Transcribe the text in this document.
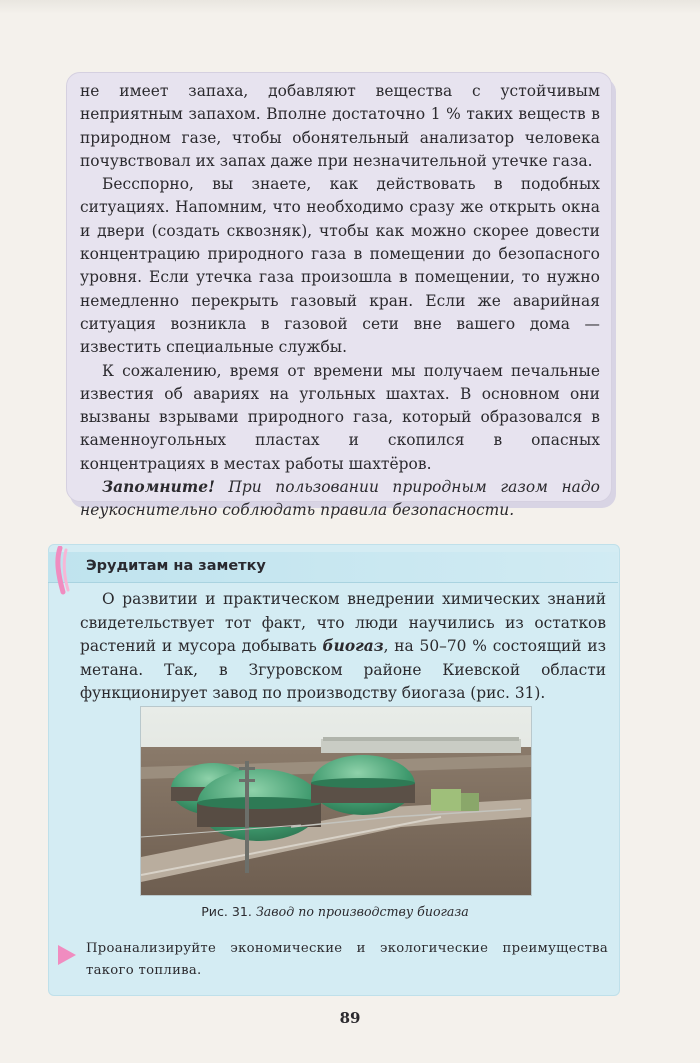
не имеет запаха, добавляют вещества с устойчивым неприятным запахом. Вполне достаточно 1 % таких веществ в природном газе, чтобы обонятельный анализатор человека почувствовал их запах даже при незначительной утечке газа.

Бесспорно, вы знаете, как действовать в подобных ситуациях. Напомним, что необходимо сразу же открыть окна и двери (создать сквозняк), чтобы как можно скорее довести концентрацию природного газа в помещении до безопасного уровня. Если утечка газа произошла в помещении, то нужно немедленно перекрыть газовый кран. Если же аварийная ситуация возникла в газовой сети вне вашего дома — известить специальные службы.

К сожалению, время от времени мы получаем печальные известия об авариях на угольных шахтах. В основном они вызваны взрывами природного газа, который образовался в каменноугольных пластах и скопился в опасных концентрациях в местах работы шахтёров.

Запомните! При пользовании природным газом надо неукоснительно соблюдать правила безопасности.

Эрудитам на заметку

О развитии и практическом внедрении химических знаний свидетельствует тот факт, что люди научились из остатков растений и мусора добывать биогаз, на 50–70 % состоящий из метана. Так, в Згуровском районе Киевской области функционирует завод по производству биогаза (рис. 31).

Рис. 31. Завод по производству биогаза
Проанализируйте экономические и экологические преимущества такого топлива.
89
